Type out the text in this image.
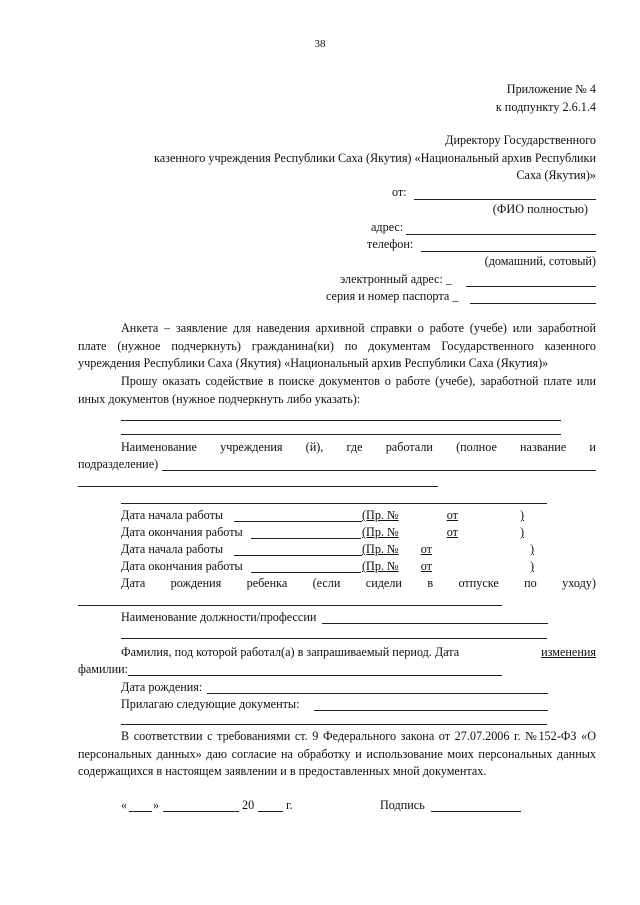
38
Приложение № 4
к подпункту 2.6.1.4
Директору Государственного
казенного учреждения Республики Саха (Якутия) «Национальный архив Республики
Саха (Якутия)»
от:
(ФИО полностью)
адрес:
телефон:
(домашний, сотовый)
электронный адрес: _
серия и номер паспорта _
Анкета – заявление для наведения архивной справки о работе (учебе) или заработной плате (нужное подчеркнуть) гражданина(ки) по документам Государственного казенного учреждения Республики Саха (Якутия) «Национальный архив Республики Саха (Якутия)»
Прошу оказать содействие в поиске документов о работе (учебе), заработной плате или иных документов (нужное подчеркнуть либо указать):
Наименование учреждения (й), где работали (полное название и
подразделение)
Дата начала работы	(Пр. №	от	)
Дата окончания работы	(Пр. №	от	)
Дата начала работы	(Пр. № от	)
Дата окончания работы	(Пр. № от	)
Дата рождения ребенка (если сидели в отпуске по уходу)
Наименование должности/профессии
Фамилия, под которой работал(а) в запрашиваемый период. Дата	изменения
фамилии:
Дата рождения:
Прилагаю следующие документы:
В соответствии с требованиями ст. 9 Федерального закона от 27.07.2006 г. №152-ФЗ «О персональных данных» даю согласие на обработку и использование моих персональных данных содержащихся в настоящем заявлении и в предоставленных мной документах.
« »	20	г.	Подпись
